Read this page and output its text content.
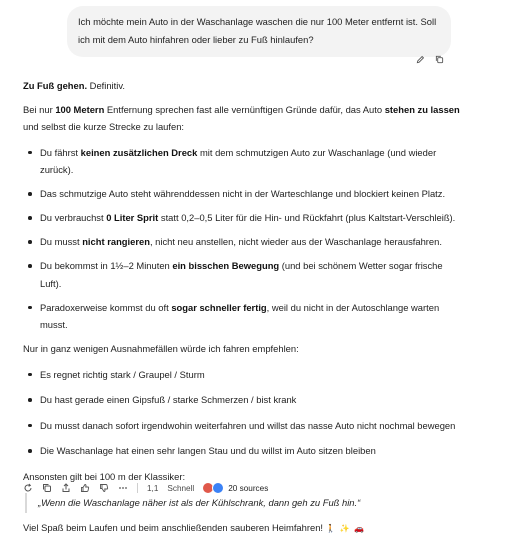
Ich möchte mein Auto in der Waschanlage waschen die nur 100 Meter entfernt ist. Soll ich mit dem Auto hinfahren oder lieber zu Fuß hinlaufen?

Zu Fuß gehen. Definitiv.

Bei nur 100 Metern Entfernung sprechen fast alle vernünftigen Gründe dafür, das Auto stehen zu lassen und selbst die kurze Strecke zu laufen:

Du fährst keinen zusätzlichen Dreck mit dem schmutzigen Auto zur Waschanlage (und wieder zurück).
Das schmutzige Auto steht währenddessen nicht in der Warteschlange und blockiert keinen Platz.
Du verbrauchst 0 Liter Sprit statt 0,2–0,5 Liter für die Hin- und Rückfahrt (plus Kaltstart-Verschleiß).
Du musst nicht rangieren, nicht neu anstellen, nicht wieder aus der Waschanlage herausfahren.
Du bekommst in 1½–2 Minuten ein bisschen Bewegung (und bei schönem Wetter sogar frische Luft).
Paradoxerweise kommst du oft sogar schneller fertig, weil du nicht in der Autoschlange warten musst.

Nur in ganz wenigen Ausnahmefällen würde ich fahren empfehlen:

Es regnet richtig stark / Graupel / Sturm
Du hast gerade einen Gipsfuß / starke Schmerzen / bist krank
Du musst danach sofort irgendwohin weiterfahren und willst das nasse Auto nicht nochmal bewegen
Die Waschanlage hat einen sehr langen Stau und du willst im Auto sitzen bleiben

Ansonsten gilt bei 100 m der Klassiker:

„Wenn die Waschanlage näher ist als der Kühlschrank, dann geh zu Fuß hin.“

Viel Spaß beim Laufen und beim anschließenden sauberen Heimfahren! 🚶 ✨ 🚗

1,1 Schnell	20 sources
